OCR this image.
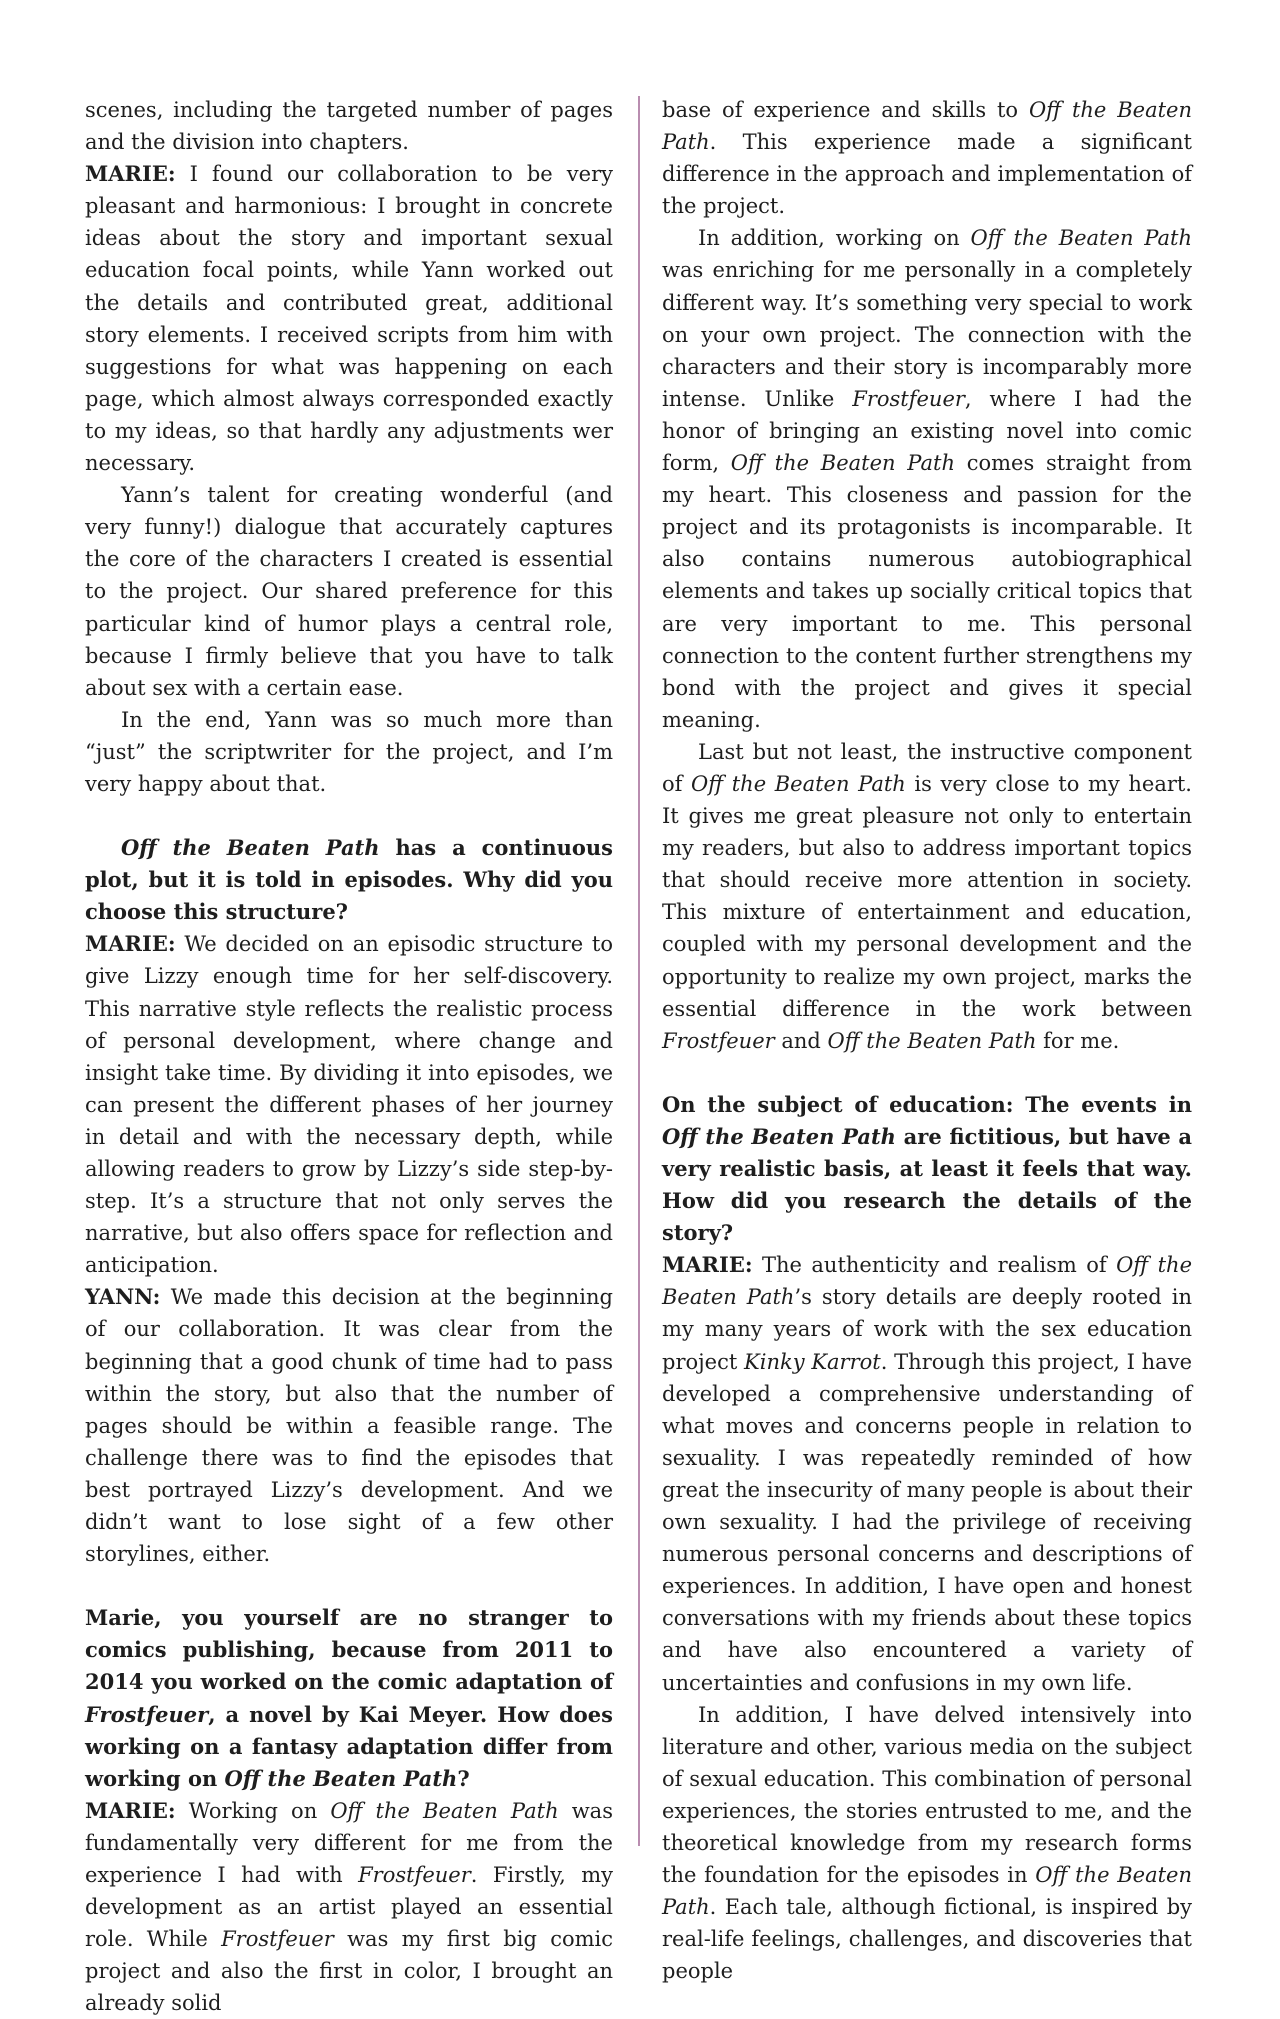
scenes, including the targeted number of pages and the division into chapters.

MARIE: I found our collaboration to be very pleasant and harmonious: I brought in concrete ideas about the story and important sexual education focal points, while Yann worked out the details and contributed great, additional story elements. I received scripts from him with suggestions for what was happening on each page, which almost always corresponded exactly to my ideas, so that hardly any adjustments wer necessary.

Yann’s talent for creating wonderful (and very funny!) dialogue that accurately captures the core of the characters I created is essential to the project. Our shared preference for this particular kind of humor plays a central role, because I firmly believe that you have to talk about sex with a certain ease.

In the end, Yann was so much more than “just” the scriptwriter for the project, and I’m very happy about that.

Off the Beaten Path has a continuous plot, but it is told in episodes. Why did you choose this structure?

MARIE: We decided on an episodic structure to give Lizzy enough time for her self-discovery. This narrative style reflects the realistic process of personal development, where change and insight take time. By dividing it into episodes, we can present the different phases of her journey in detail and with the necessary depth, while allowing readers to grow by Lizzy’s side step-by-step. It’s a structure that not only serves the narrative, but also offers space for reflection and anticipation.

YANN: We made this decision at the beginning of our collaboration. It was clear from the beginning that a good chunk of time had to pass within the story, but also that the number of pages should be within a feasible range. The challenge there was to find the episodes that best portrayed Lizzy’s development. And we didn’t want to lose sight of a few other storylines, either.

Marie, you yourself are no stranger to comics publishing, because from 2011 to 2014 you worked on the comic adaptation of Frostfeuer, a novel by Kai Meyer. How does working on a fantasy adaptation differ from working on Off the Beaten Path?

MARIE: Working on Off the Beaten Path was fundamentally very different for me from the experience I had with Frostfeuer. Firstly, my development as an artist played an essential role. While Frostfeuer was my first big comic project and also the first in color, I brought an already solid

base of experience and skills to Off the Beaten Path. This experience made a significant difference in the approach and implementation of the project.

In addition, working on Off the Beaten Path was enriching for me personally in a completely different way. It’s something very special to work on your own project. The connection with the characters and their story is incomparably more intense. Unlike Frostfeuer, where I had the honor of bringing an existing novel into comic form, Off the Beaten Path comes straight from my heart. This closeness and passion for the project and its protagonists is incomparable. It also contains numerous autobiographical elements and takes up socially critical topics that are very important to me. This personal connection to the content further strengthens my bond with the project and gives it special meaning.

Last but not least, the instructive component of Off the Beaten Path is very close to my heart. It gives me great pleasure not only to entertain my readers, but also to address important topics that should receive more attention in society. This mixture of entertainment and education, coupled with my personal development and the opportunity to realize my own project, marks the essential difference in the work between Frostfeuer and Off the Beaten Path for me.

On the subject of education: The events in Off the Beaten Path are fictitious, but have a very realistic basis, at least it feels that way. How did you research the details of the story?

MARIE: The authenticity and realism of Off the Beaten Path’s story details are deeply rooted in my many years of work with the sex education project Kinky Karrot. Through this project, I have developed a comprehensive understanding of what moves and concerns people in relation to sexuality. I was repeatedly reminded of how great the insecurity of many people is about their own sexuality. I had the privilege of receiving numerous personal concerns and descriptions of experiences. In addition, I have open and honest conversations with my friends about these topics and have also encountered a variety of uncertainties and confusions in my own life.

In addition, I have delved intensively into literature and other, various media on the subject of sexual education. This combination of personal experiences, the stories entrusted to me, and the theoretical knowledge from my research forms the foundation for the episodes in Off the Beaten Path. Each tale, although fictional, is inspired by real-life feelings, challenges, and discoveries that people
